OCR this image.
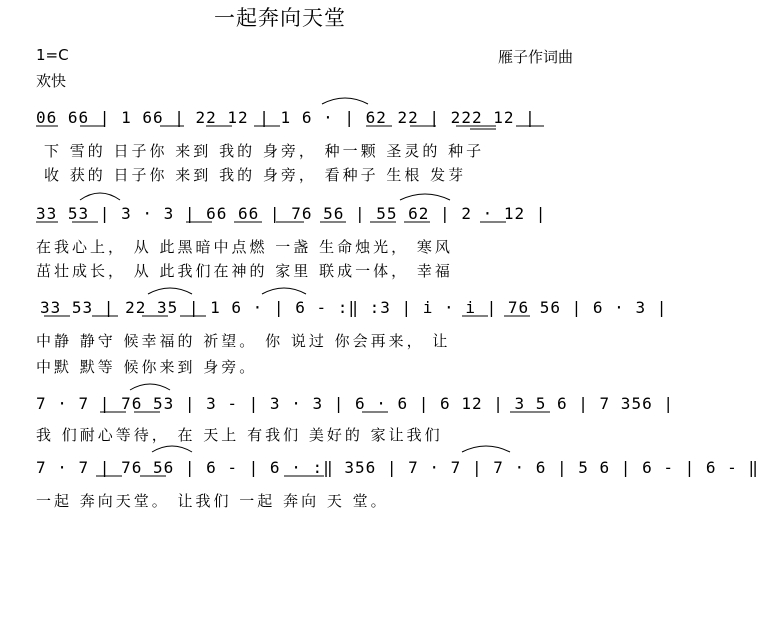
一起奔向天堂
1=C
欢快
雁子作词曲
06 66 | 1 66 | 22 12 | 1 6 · | 62 22 | 222 12 |
下 雪的 日子你 来到 我的 身旁， 种一颗 圣灵的 种子
收 获的 日子你 来到 我的 身旁， 看种子 生根 发芽
33 53 | 3 · 3 | 66 66 | 76 56 | 55 62 | 2 · 12 |
在我心上， 从 此黑暗中点燃 一盏 生命烛光， 寒风
茁壮成长， 从 此我们在神的 家里 联成一体， 幸福
33 53 | 22 35 | 1 6 · | 6 - :‖ :3 | i · i | 76 56 | 6 · 3 |
中静 静守 候幸福的 祈望。 你 说过 你会再来， 让
中默 默等 候你来到 身旁。
7 · 7 | 76 53 | 3 - | 3 · 3 | 6 · 6 | 6 12 | 3 5 6 | 7 356 |
我 们耐心等待， 在 天上 有我们 美好的 家让我们
7 · 7 | 76 56 | 6 - | 6 · :‖ 356 | 7 · 7 | 7 · 6 | 5 6 | 6 - | 6 - ‖
一起 奔向天堂。 让我们 一起 奔向 天 堂。
